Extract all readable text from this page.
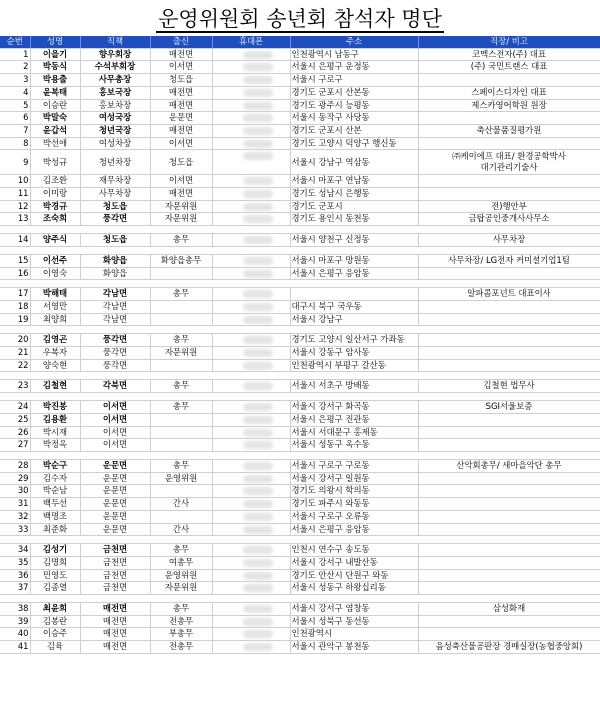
운영위원회 송년회 참석자 명단
순번	성명	직책	출신	휴대폰	주소	직장/ 비고
1	이을기	향우회장	매전면		인천광역시 남동구	코멕스전자(주) 대표

2	박동식	수석부회장	이서면		서울시 은평구 운정동	(주) 국민트랜스 대표

3	박용출	사무총장	청도읍		서울시 구로구	

4	윤복태	홍보국장	매전면		경기도 군포시 산본동	스페이스디자인 대표

5	이승란	홍보차장	매전면		경기도 광주시 능평동	제스카영어학원 원장

6	박말숙	여성국장	운문면		서울시 동작구 사당동	

7	윤갑석	청년국장	매전면		경기도 군포시 산본	축산물품질평가원

8	박선애	여성차장	이서면		경기도 고양시 덕양구 행신동	

9	박성규	청년차장	청도읍		서울시 강남구 역삼동	㈜케이에프 대표/ 환경공학박사
대기관리기술사

10	김조환	재무차장	이서면		서울시 마포구 연남동	

11	이미랑	사무차장	매전면		경기도 성남시 은행동	

12	박경규	청도읍	자문위원		경기도 군포시	전)행안부

13	조숙희	풍각면	자문위원		경기도 용인시 동천동	금탑공인중개사사무소

14	양주식	청도읍	총무		서울시 양천구 신정동	사무차장

15	이선주	화양읍	화양읍총무		서울시 마포구 망원동	사무차장/ LG전자 커미셜기업1팀

16	이영숙	화양읍			서울시 은평구 응암동	

17	박해태	각남면	총무			알파콤포넌트 대표이사

18	서영만	각남면			대구시 북구 국우동	

19	최양희	각남면			서울시 강남구	

20	김영곤	풍각면	총무		경기도 고양시 일산서구 가좌동	

21	우복자	풍각면	자문위원		서울시 강동구 암사동	

22	양숙현	풍각면			인천광역시 부평구 갈산동	

23	김철현	각북면	총무		서울시 서초구 방배동	김철현 법무사

24	박진봉	이서면	총무		서울시 강서구 화곡동	SGI서울보증

25	김용환	이서면			서울시 은평구 진관동	

26	박시재	이서면			서울시 서대문구 홍제동	

27	박정옥	이서면			서울시 성동구 옥수동	

28	박순구	운문면	총무		서울시 구로구 구로동	산악회총무/ 새마을악단 총무

29	김수자	운문면	운영위원		서울시 강서구 일원동	

30	박순남	운문면			경기도 의왕시 학의동	

31	백두선	운문면	간사		경기도 파주시 와동동	

32	백명조	운문면			서울시 구로구 오류동	

33	최준화	운문면	간사		서울시 은평구 응암동	

34	김성기	금천면	총무		인천시 연수구 송도동	

35	김명희	금천면	여총무		서울시 강서구 내발산동	

36	민영도	금천면	운영위원		경기도 안산시 단원구 와동	

37	김종열	금천면	자문위원		서울시 성동구 하왕십리동	

38	최윤희	매전면	총무		서울시 강서구 염창동	삼성화재

39	김봉란	매전면	전총무		서울시 성북구 동선동	

40	이승주	매전면	부총무		인천광역시	

41	김육	매전면	전총무		서울시 관악구 봉천동	음성축산물공판장 경매실장(농협중앙회)
